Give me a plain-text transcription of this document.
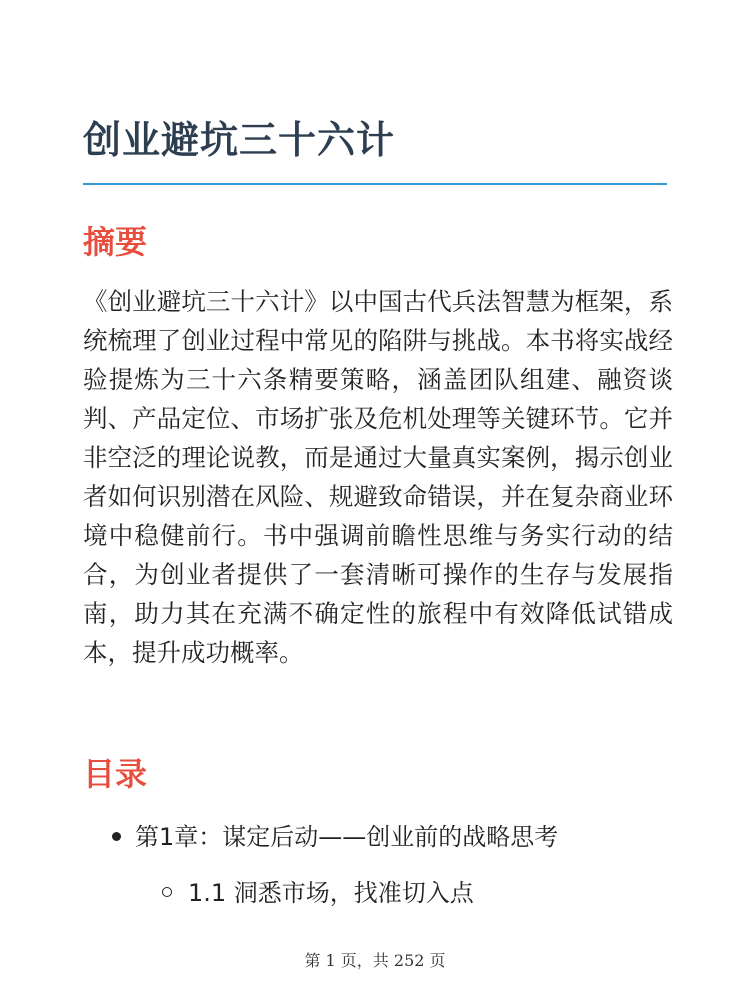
创业避坑三十六计
摘要

《创业避坑三十六计》以中国古代兵法智慧为框架，系统梳理了创业过程中常见的陷阱与挑战。本书将实战经验提炼为三十六条精要策略，涵盖团队组建、融资谈判、产品定位、市场扩张及危机处理等关键环节。它并非空泛的理论说教，而是通过大量真实案例，揭示创业者如何识别潜在风险、规避致命错误，并在复杂商业环境中稳健前行。书中强调前瞻性思维与务实行动的结合，为创业者提供了一套清晰可操作的生存与发展指南，助力其在充满不确定性的旅程中有效降低试错成本，提升成功概率。

目录
第1章：谋定后动——创业前的战略思考
1.1 洞悉市场，找准切入点
第 1 页，共 252 页
